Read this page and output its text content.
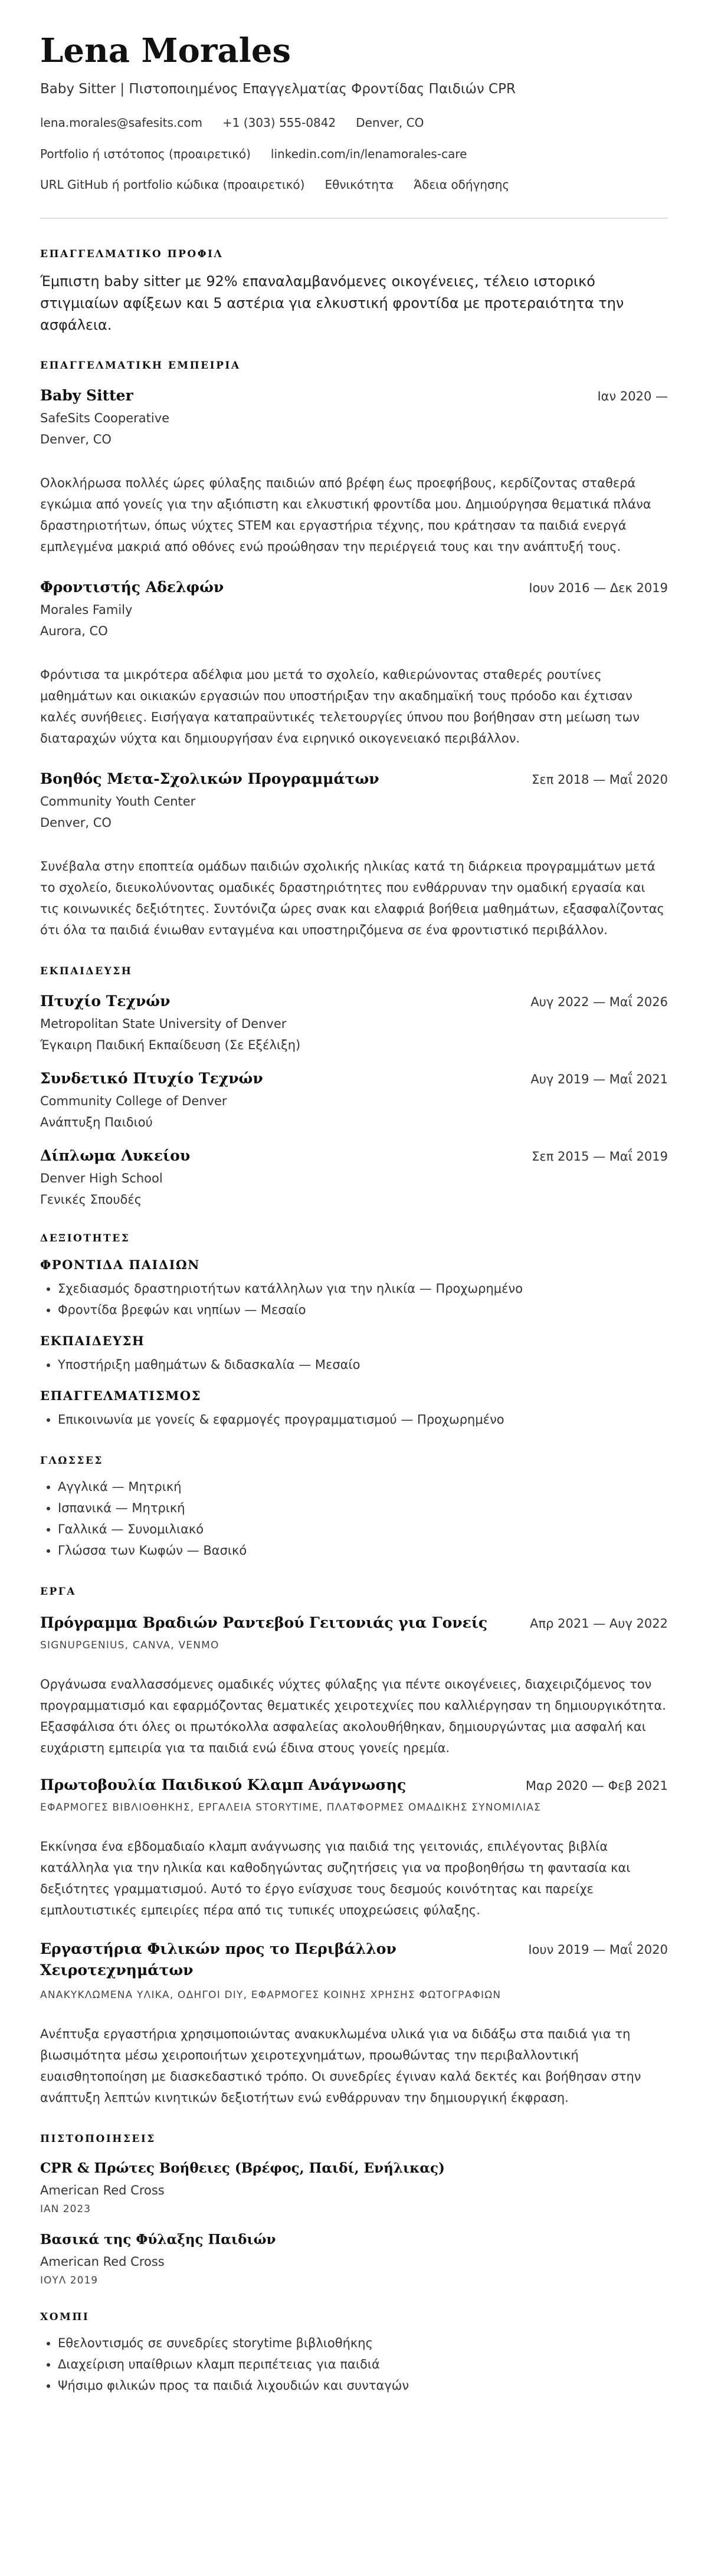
Lena Morales
Baby Sitter | Πιστοποιημένος Επαγγελματίας Φροντίδας Παιδιών CPR
lena.morales@safesits.com +1 (303) 555-0842 Denver, CO
Portfolio ή ιστότοπος (προαιρετικό) linkedin.com/in/lenamorales-care
URL GitHub ή portfolio κώδικα (προαιρετικό) Εθνικότητα Άδεια οδήγησης
ΕΠΑΓΓΕΛΜΑΤΙΚΟ ΠΡΟΦΙΛ
Έμπιστη baby sitter με 92% επαναλαμβανόμενες οικογένειες, τέλειο ιστορικό στιγμιαίων αφίξεων και 5 αστέρια για ελκυστική φροντίδα με προτεραιότητα την ασφάλεια.
ΕΠΑΓΓΕΛΜΑΤΙΚΗ ΕΜΠΕΙΡΙΑ
Baby Sitter	Ιαν 2020 —
SafeSits Cooperative
Denver, CO
Ολοκλήρωσα πολλές ώρες φύλαξης παιδιών από βρέφη έως προεφήβους, κερδίζοντας σταθερά εγκώμια από γονείς για την αξιόπιστη και ελκυστική φροντίδα μου. Δημιούργησα θεματικά πλάνα δραστηριοτήτων, όπως νύχτες STEM και εργαστήρια τέχνης, που κράτησαν τα παιδιά ενεργά εμπλεγμένα μακριά από οθόνες ενώ προώθησαν την περιέργειά τους και την ανάπτυξή τους.
Φροντιστής Αδελφών	Ιουν 2016 — Δεκ 2019
Morales Family
Aurora, CO
Φρόντισα τα μικρότερα αδέλφια μου μετά το σχολείο, καθιερώνοντας σταθερές ρουτίνες μαθημάτων και οικιακών εργασιών που υποστήριξαν την ακαδημαϊκή τους πρόοδο και έχτισαν καλές συνήθειες. Εισήγαγα καταπραϋντικές τελετουργίες ύπνου που βοήθησαν στη μείωση των διαταραχών νύχτα και δημιουργήσαν ένα ειρηνικό οικογενειακό περιβάλλον.
Βοηθός Μετα-Σχολικών Προγραμμάτων	Σεπ 2018 — Μαΐ 2020
Community Youth Center
Denver, CO
Συνέβαλα στην εποπτεία ομάδων παιδιών σχολικής ηλικίας κατά τη διάρκεια προγραμμάτων μετά το σχολείο, διευκολύνοντας ομαδικές δραστηριότητες που ενθάρρυναν την ομαδική εργασία και τις κοινωνικές δεξιότητες. Συντόνιζα ώρες σνακ και ελαφριά βοήθεια μαθημάτων, εξασφαλίζοντας ότι όλα τα παιδιά ένιωθαν ενταγμένα και υποστηριζόμενα σε ένα φροντιστικό περιβάλλον.
ΕΚΠΑΙΔΕΥΣΗ
Πτυχίο Τεχνών	Αυγ 2022 — Μαΐ 2026
Metropolitan State University of Denver
Έγκαιρη Παιδική Εκπαίδευση (Σε Εξέλιξη)
Συνδετικό Πτυχίο Τεχνών	Αυγ 2019 — Μαΐ 2021
Community College of Denver
Ανάπτυξη Παιδιού
Δίπλωμα Λυκείου	Σεπ 2015 — Μαΐ 2019
Denver High School
Γενικές Σπουδές
ΔΕΞΙΟΤΗΤΕΣ
ΦΡΟΝΤΙΔΑ ΠΑΙΔΙΩΝ
• Σχεδιασμός δραστηριοτήτων κατάλληλων για την ηλικία — Προχωρημένο
• Φροντίδα βρεφών και νηπίων — Μεσαίο
ΕΚΠΑΙΔΕΥΣΗ
• Υποστήριξη μαθημάτων & διδασκαλία — Μεσαίο
ΕΠΑΓΓΕΛΜΑΤΙΣΜΟΣ
• Επικοινωνία με γονείς & εφαρμογές προγραμματισμού — Προχωρημένο
ΓΛΩΣΣΕΣ
• Αγγλικά — Μητρική
• Ισπανικά — Μητρική
• Γαλλικά — Συνομιλιακό
• Γλώσσα των Κωφών — Βασικό
ΕΡΓΑ
Πρόγραμμα Βραδιών Ραντεβού Γειτονιάς για Γονείς	Απρ 2021 — Αυγ 2022
SIGNUPGENIUS, CANVA, VENMO
Οργάνωσα εναλλασσόμενες ομαδικές νύχτες φύλαξης για πέντε οικογένειες, διαχειριζόμενος τον προγραμματισμό και εφαρμόζοντας θεματικές χειροτεχνίες που καλλιέργησαν τη δημιουργικότητα. Εξασφάλισα ότι όλες οι πρωτόκολλα ασφαλείας ακολουθήθηκαν, δημιουργώντας μια ασφαλή και ευχάριστη εμπειρία για τα παιδιά ενώ έδινα στους γονείς ηρεμία.
Πρωτοβουλία Παιδικού Κλαμπ Ανάγνωσης	Μαρ 2020 — Φεβ 2021
ΕΦΑΡΜΟΓΕΣ ΒΙΒΛΙΟΘΗΚΗΣ, ΕΡΓΑΛΕΙΑ STORYTIME, ΠΛΑΤΦΟΡΜΕΣ ΟΜΑΔΙΚΗΣ ΣΥΝΟΜΙΛΙΑΣ
Εκκίνησα ένα εβδομαδιαίο κλαμπ ανάγνωσης για παιδιά της γειτονιάς, επιλέγοντας βιβλία κατάλληλα για την ηλικία και καθοδηγώντας συζητήσεις για να προβοηθήσω τη φαντασία και δεξιότητες γραμματισμού. Αυτό το έργο ενίσχυσε τους δεσμούς κοινότητας και παρείχε εμπλουτιστικές εμπειρίες πέρα από τις τυπικές υποχρεώσεις φύλαξης.
Εργαστήρια Φιλικών προς το Περιβάλλον Χειροτεχνημάτων
Ιουν 2019 — Μαΐ 2020
ΑΝΑΚΥΚΛΩΜΕΝΑ ΥΛΙΚΑ, ΟΔΗΓΟΙ DIY, ΕΦΑΡΜΟΓΕΣ ΚΟΙΝΗΣ ΧΡΗΣΗΣ ΦΩΤΟΓΡΑΦΙΩΝ
Ανέπτυξα εργαστήρια χρησιμοποιώντας ανακυκλωμένα υλικά για να διδάξω στα παιδιά για τη βιωσιμότητα μέσω χειροποιήτων χειροτεχνημάτων, προωθώντας την περιβαλλοντική ευαισθητοποίηση με διασκεδαστικό τρόπο. Οι συνεδρίες έγιναν καλά δεκτές και βοήθησαν στην ανάπτυξη λεπτών κινητικών δεξιοτήτων ενώ ενθάρρυναν την δημιουργική έκφραση.
ΠΙΣΤΟΠΟΙΗΣΕΙΣ
CPR & Πρώτες Βοήθειες (Βρέφος, Παιδί, Ενήλικας)
American Red Cross
ΙΑΝ 2023
Βασικά της Φύλαξης Παιδιών
American Red Cross
ΙΟΥΛ 2019
ΧΟΜΠΙ
• Εθελοντισμός σε συνεδρίες storytime βιβλιοθήκης
• Διαχείριση υπαίθριων κλαμπ περιπέτειας για παιδιά
• Ψήσιμο φιλικών προς τα παιδιά λιχουδιών και συνταγών
